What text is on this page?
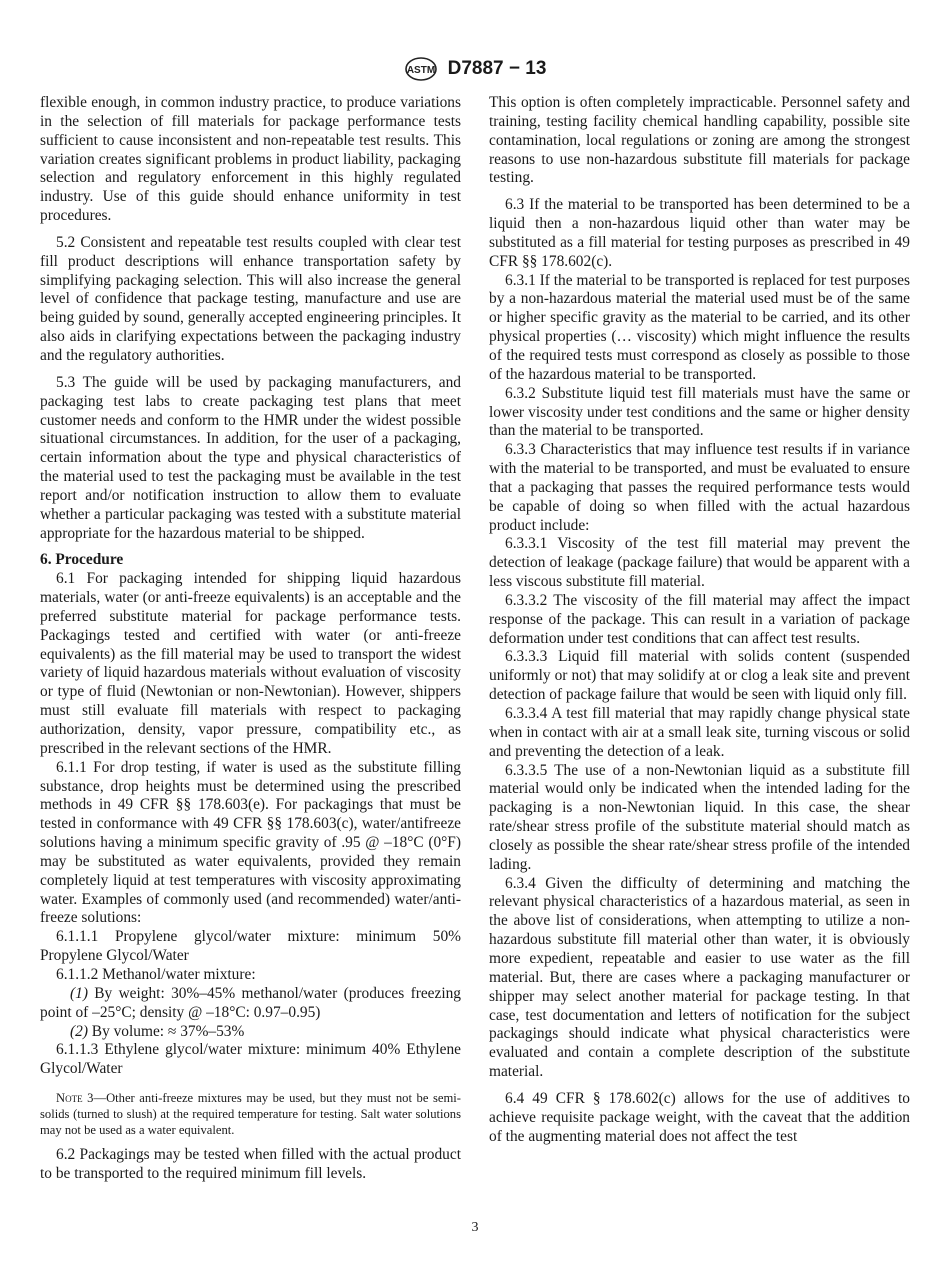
ASTM D7887 − 13

flexible enough, in common industry practice, to produce variations in the selection of fill materials for package performance tests sufficient to cause inconsistent and non-repeatable test results. This variation creates significant problems in product liability, packaging selection and regulatory enforcement in this highly regulated industry. Use of this guide should enhance uniformity in test procedures.

5.2 Consistent and repeatable test results coupled with clear test fill product descriptions will enhance transportation safety by simplifying packaging selection. This will also increase the general level of confidence that package testing, manufacture and use are being guided by sound, generally accepted engineering principles. It also aids in clarifying expectations between the packaging industry and the regulatory authorities.

5.3 The guide will be used by packaging manufacturers, and packaging test labs to create packaging test plans that meet customer needs and conform to the HMR under the widest possible situational circumstances. In addition, for the user of a packaging, certain information about the type and physical characteristics of the material used to test the packaging must be available in the test report and/or notification instruction to allow them to evaluate whether a particular packaging was tested with a substitute material appropriate for the hazardous material to be shipped.

6. Procedure

6.1 For packaging intended for shipping liquid hazardous materials, water (or anti-freeze equivalents) is an acceptable and the preferred substitute material for package performance tests. Packagings tested and certified with water (or anti-freeze equivalents) as the fill material may be used to transport the widest variety of liquid hazardous materials without evaluation of viscosity or type of fluid (Newtonian or non-Newtonian). However, shippers must still evaluate fill materials with respect to packaging authorization, density, vapor pressure, compatibility etc., as prescribed in the relevant sections of the HMR.

6.1.1 For drop testing, if water is used as the substitute filling substance, drop heights must be determined using the prescribed methods in 49 CFR §§ 178.603(e). For packagings that must be tested in conformance with 49 CFR §§ 178.603(c), water/antifreeze solutions having a minimum specific gravity of .95 @ –18°C (0°F) may be substituted as water equivalents, provided they remain completely liquid at test temperatures with viscosity approximating water. Examples of commonly used (and recommended) water/anti-freeze solutions:

6.1.1.1 Propylene glycol/water mixture: minimum 50% Propylene Glycol/Water

6.1.1.2 Methanol/water mixture:

(1) By weight: 30%–45% methanol/water (produces freezing point of –25°C; density @ –18°C: 0.97–0.95)

(2) By volume: ≈ 37%–53%

6.1.1.3 Ethylene glycol/water mixture: minimum 40% Ethylene Glycol/Water

Note 3—Other anti-freeze mixtures may be used, but they must not be semi-solids (turned to slush) at the required temperature for testing. Salt water solutions may not be used as a water equivalent.

6.2 Packagings may be tested when filled with the actual product to be transported to the required minimum fill levels.

This option is often completely impracticable. Personnel safety and training, testing facility chemical handling capability, possible site contamination, local regulations or zoning are among the strongest reasons to use non-hazardous substitute fill materials for package testing.

6.3 If the material to be transported has been determined to be a liquid then a non-hazardous liquid other than water may be substituted as a fill material for testing purposes as prescribed in 49 CFR §§ 178.602(c).

6.3.1 If the material to be transported is replaced for test purposes by a non-hazardous material the material used must be of the same or higher specific gravity as the material to be carried, and its other physical properties (… viscosity) which might influence the results of the required tests must correspond as closely as possible to those of the hazardous material to be transported.

6.3.2 Substitute liquid test fill materials must have the same or lower viscosity under test conditions and the same or higher density than the material to be transported.

6.3.3 Characteristics that may influence test results if in variance with the material to be transported, and must be evaluated to ensure that a packaging that passes the required performance tests would be capable of doing so when filled with the actual hazardous product include:

6.3.3.1 Viscosity of the test fill material may prevent the detection of leakage (package failure) that would be apparent with a less viscous substitute fill material.

6.3.3.2 The viscosity of the fill material may affect the impact response of the package. This can result in a variation of package deformation under test conditions that can affect test results.

6.3.3.3 Liquid fill material with solids content (suspended uniformly or not) that may solidify at or clog a leak site and prevent detection of package failure that would be seen with liquid only fill.

6.3.3.4 A test fill material that may rapidly change physical state when in contact with air at a small leak site, turning viscous or solid and preventing the detection of a leak.

6.3.3.5 The use of a non-Newtonian liquid as a substitute fill material would only be indicated when the intended lading for the packaging is a non-Newtonian liquid. In this case, the shear rate/shear stress profile of the substitute material should match as closely as possible the shear rate/shear stress profile of the intended lading.

6.3.4 Given the difficulty of determining and matching the relevant physical characteristics of a hazardous material, as seen in the above list of considerations, when attempting to utilize a non-hazardous substitute fill material other than water, it is obviously more expedient, repeatable and easier to use water as the fill material. But, there are cases where a packaging manufacturer or shipper may select another material for package testing. In that case, test documentation and letters of notification for the subject packagings should indicate what physical characteristics were evaluated and contain a complete description of the substitute material.

6.4 49 CFR § 178.602(c) allows for the use of additives to achieve requisite package weight, with the caveat that the addition of the augmenting material does not affect the test

3
